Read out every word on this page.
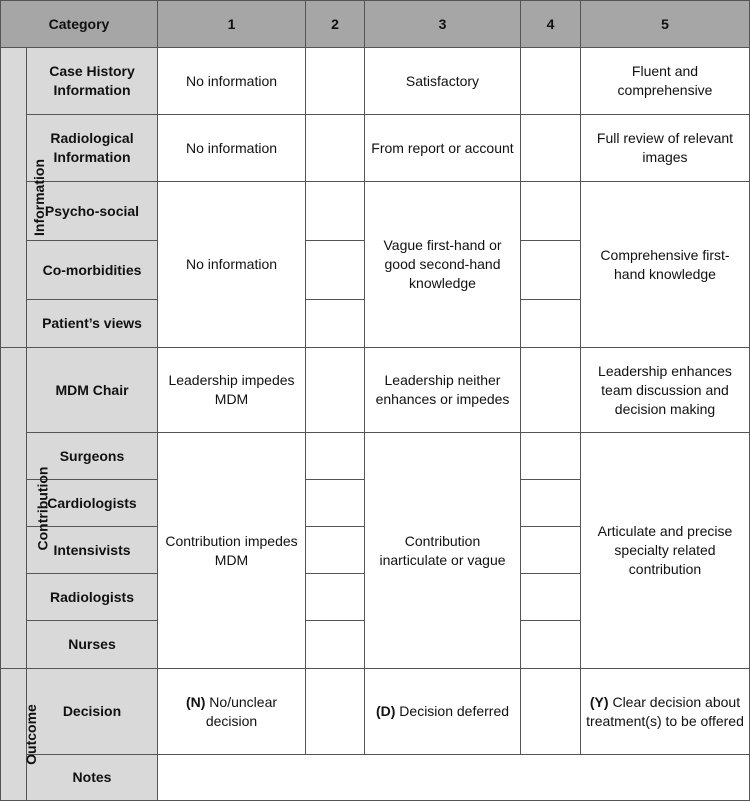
Category		1	2	3	4	5
Information	Case History Information	No information		Satisfactory		Fluent and comprehensive
	Radiological Information	No information		From report or account		Full review of relevant images
	Psycho-social	No information		Vague first-hand or good second-hand knowledge		Comprehensive first-hand knowledge
	Co-morbidities					
	Patient’s views					
Contribution	MDM Chair	Leadership impedes MDM		Leadership neither enhances or impedes		Leadership enhances team discussion and decision making
	Surgeons	Contribution impedes MDM		Contribution inarticulate or vague		Articulate and precise specialty related contribution
	Cardiologists					
	Intensivists					
	Radiologists					
	Nurses					
Outcome	Decision	(N) No/unclear decision		(D) Decision deferred		(Y) Clear decision about treatment(s) to be offered
	Notes					
